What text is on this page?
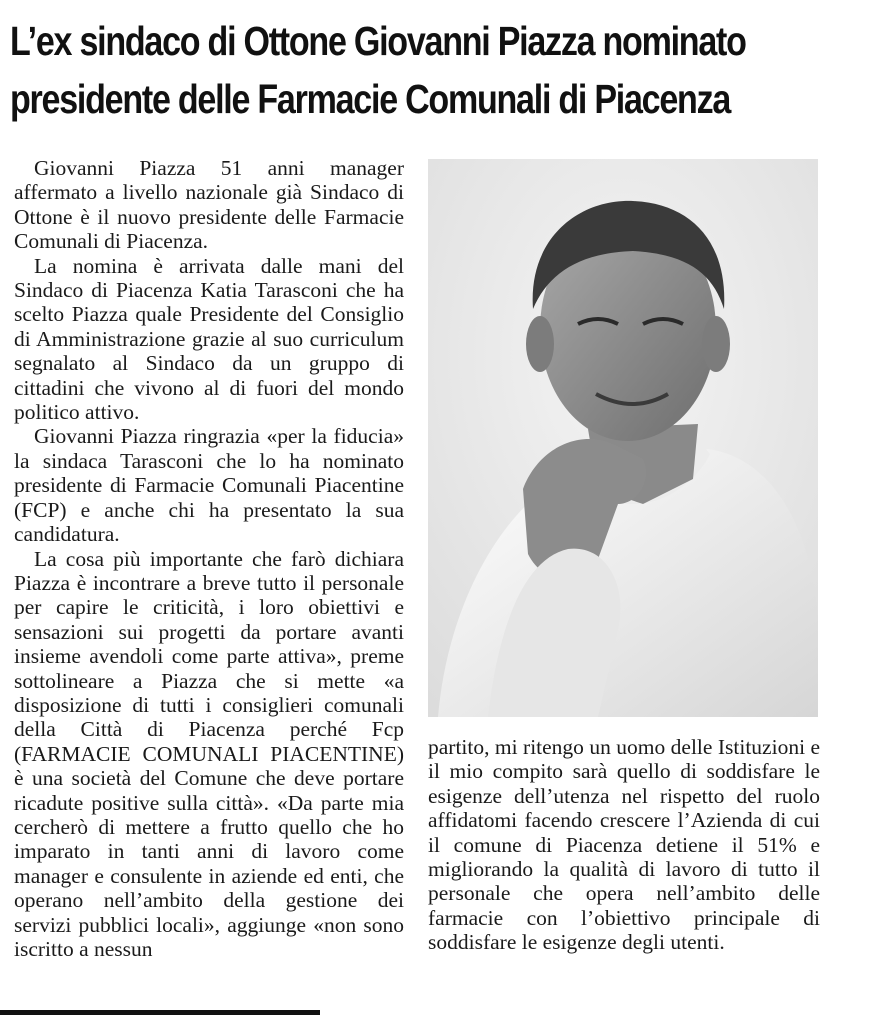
L’ex sindaco di Ottone Giovanni Piazza nominato
presidente delle Farmacie Comunali di Piacenza

Giovanni Piazza 51 anni manager affermato a livello nazionale già Sindaco di Ottone è il nuovo presidente delle Farmacie Comunali di Piacenza.

La nomina è arrivata dalle mani del Sindaco di Piacenza Katia Tarasconi che ha scelto Piazza quale Presidente del Consiglio di Amministrazione grazie al suo curriculum segnalato al Sindaco da un gruppo di cittadini che vivono al di fuori del mondo politico attivo.

Giovanni Piazza ringrazia «per la fiducia» la sindaca Tarasconi che lo ha nominato presidente di Farmacie Comunali Piacentine (FCP) e anche chi ha presentato la sua candidatura.

La cosa più importante che farò dichiara Piazza è incontrare a breve tutto il personale per capire le criticità, i loro obiettivi e sensazioni sui progetti da portare avanti insieme avendoli come parte attiva», preme sottolineare a Piazza che si mette «a disposizione di tutti i consiglieri comunali della Città di Piacenza perché Fcp (FARMACIE COMUNALI PIACENTINE) è una società del Comune che deve portare ricadute positive sulla città». «Da parte mia cercherò di mettere a frutto quello che ho imparato in tanti anni di lavoro come manager e consulente in aziende ed enti, che operano nell’ambito della gestione dei servizi pubblici locali», aggiunge «non sono iscritto a nessun

partito, mi ritengo un uomo delle Istituzioni e il mio compito sarà quello di soddisfare le esigenze dell’utenza nel rispetto del ruolo affidatomi facendo crescere l’Azienda di cui il comune di Piacenza detiene il 51% e migliorando la qualità di lavoro di tutto il personale che opera nell’ambito delle farmacie con l’obiettivo principale di soddisfare le esigenze degli utenti.
